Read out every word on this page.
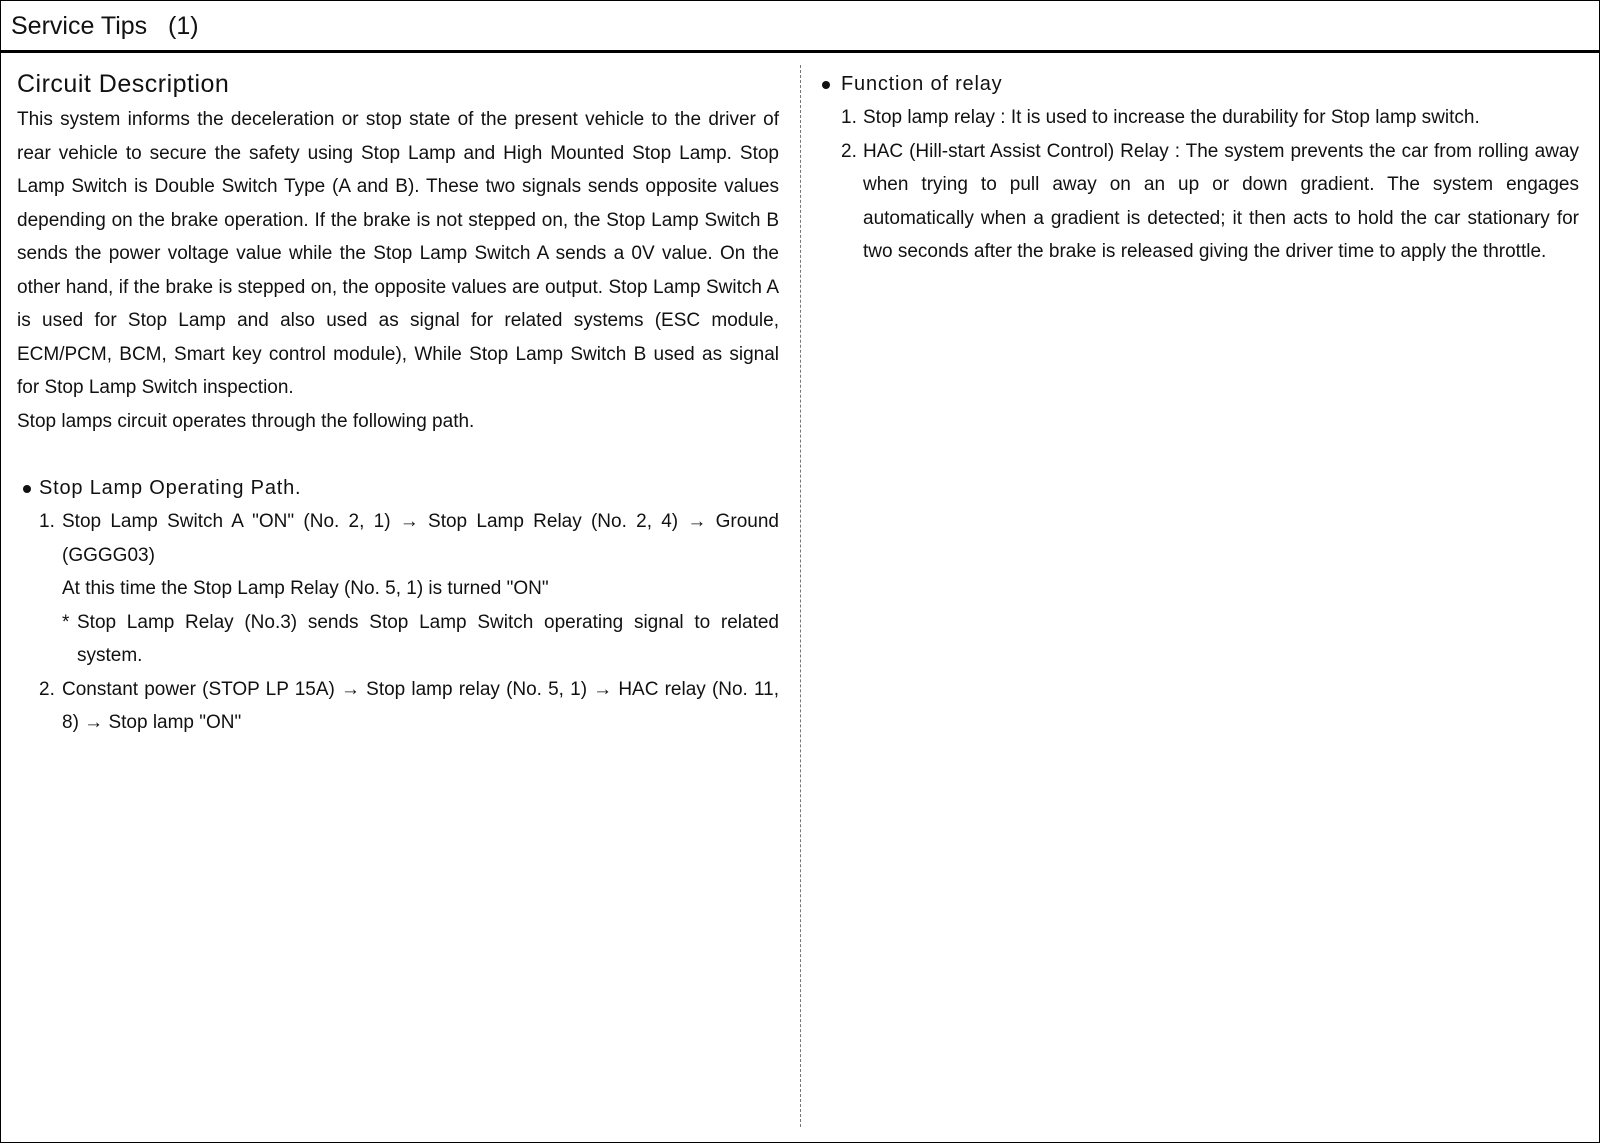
Service Tips   (1)
Circuit Description

This system informs the deceleration or stop state of the present vehicle to the driver of rear vehicle to secure the safety using Stop Lamp and High Mounted Stop Lamp. Stop Lamp Switch is Double Switch Type (A and B). These two signals sends opposite values depending on the brake operation. If the brake is not stepped on, the Stop Lamp Switch B sends the power voltage value while the Stop Lamp Switch A sends a 0V value. On the other hand, if the brake is stepped on, the opposite values are output. Stop Lamp Switch A is used for Stop Lamp and also used as signal for related systems (ESC module, ECM/PCM, BCM, Smart key control module), While Stop Lamp Switch B used as signal for Stop Lamp Switch inspection.

Stop lamps circuit operates through the following path.

Stop Lamp Operating Path.
1. Stop Lamp Switch A "ON" (No. 2, 1) → Stop Lamp Relay (No. 2, 4) → Ground (GGGG03)
At this time the Stop Lamp Relay (No. 5, 1) is turned "ON"
* Stop Lamp Relay (No.3) sends Stop Lamp Switch operating signal to related system.
2. Constant power (STOP LP 15A) → Stop lamp relay (No. 5, 1) → HAC relay (No. 11, 8) → Stop lamp "ON"
Function of relay
1. Stop lamp relay : It is used to increase the durability for Stop lamp switch.
2. HAC (Hill-start Assist Control) Relay : The system prevents the car from rolling away when trying to pull away on an up or down gradient. The system engages automatically when a gradient is detected; it then acts to hold the car stationary for two seconds after the brake is released giving the driver time to apply the throttle.
